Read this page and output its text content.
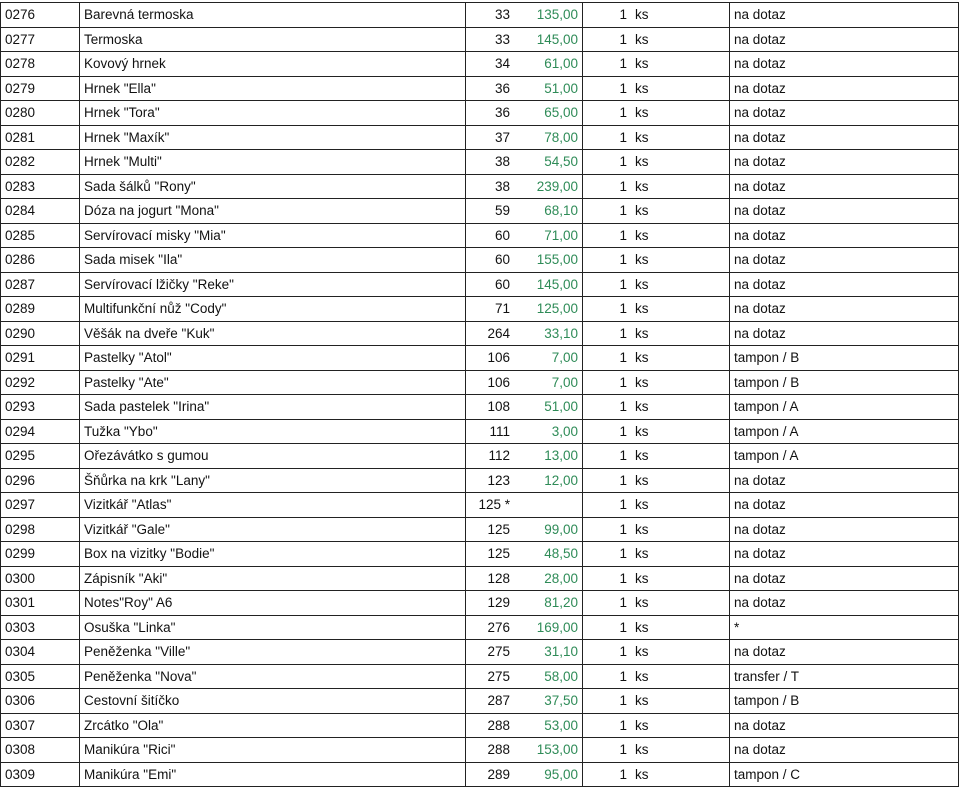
0276	Barevná termoska	33	135,00	1	ks	na dotaz
0277	Termoska	33	145,00	1	ks	na dotaz
0278	Kovový hrnek	34	61,00	1	ks	na dotaz
0279	Hrnek "Ella"	36	51,00	1	ks	na dotaz
0280	Hrnek "Tora"	36	65,00	1	ks	na dotaz
0281	Hrnek "Maxík"	37	78,00	1	ks	na dotaz
0282	Hrnek "Multi"	38	54,50	1	ks	na dotaz
0283	Sada šálků "Rony"	38	239,00	1	ks	na dotaz
0284	Dóza na jogurt "Mona"	59	68,10	1	ks	na dotaz
0285	Servírovací misky "Mia"	60	71,00	1	ks	na dotaz
0286	Sada misek "Ila"	60	155,00	1	ks	na dotaz
0287	Servírovací lžičky "Reke"	60	145,00	1	ks	na dotaz
0289	Multifunkční nůž "Cody"	71	125,00	1	ks	na dotaz
0290	Věšák na dveře "Kuk"	264	33,10	1	ks	na dotaz
0291	Pastelky "Atol"	106	7,00	1	ks	tampon / B
0292	Pastelky "Ate"	106	7,00	1	ks	tampon / B
0293	Sada pastelek "Irina"	108	51,00	1	ks	tampon / A
0294	Tužka "Ybo"	111	3,00	1	ks	tampon / A
0295	Ořezávátko s gumou	112	13,00	1	ks	tampon / A
0296	Šňůrka na krk "Lany"	123	12,00	1	ks	na dotaz
0297	Vizitkář "Atlas"	125 *		1	ks	na dotaz
0298	Vizitkář "Gale"	125	99,00	1	ks	na dotaz
0299	Box na vizitky "Bodie"	125	48,50	1	ks	na dotaz
0300	Zápisník "Aki"	128	28,00	1	ks	na dotaz
0301	Notes"Roy" A6	129	81,20	1	ks	na dotaz
0303	Osuška "Linka"	276	169,00	1	ks	*
0304	Peněženka "Ville"	275	31,10	1	ks	na dotaz
0305	Peněženka "Nova"	275	58,00	1	ks	transfer / T
0306	Cestovní šitíčko	287	37,50	1	ks	tampon / B
0307	Zrcátko "Ola"	288	53,00	1	ks	na dotaz
0308	Manikúra "Rici"	288	153,00	1	ks	na dotaz
0309	Manikúra "Emi"	289	95,00	1	ks	tampon / C
